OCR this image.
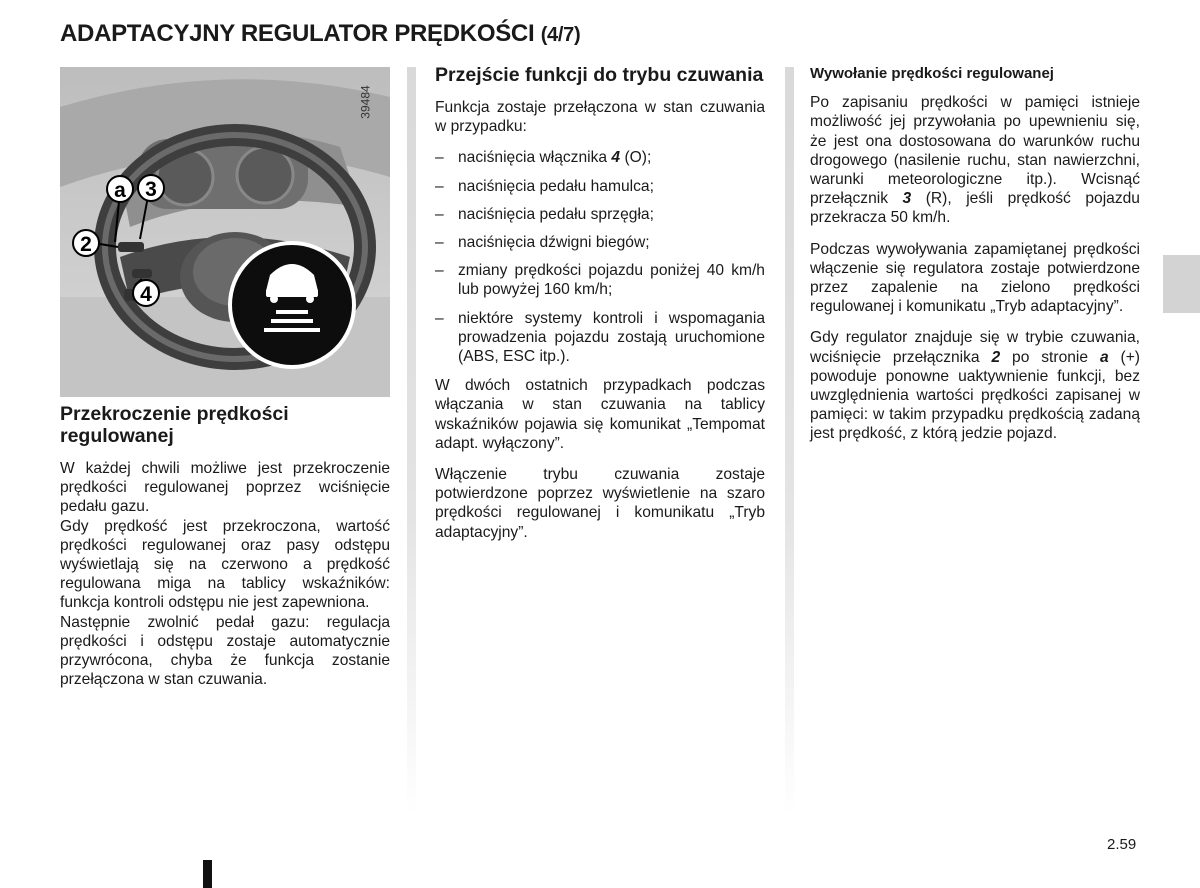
ADAPTACYJNY REGULATOR PRĘDKOŚCI (4/7)
a 3
2
4
39484
Przekroczenie prędkości regulowanej

W każdej chwili możliwe jest przekroczenie prędkości regulowanej poprzez wciśnięcie pedału gazu.

Gdy prędkość jest przekroczona, wartość prędkości regulowanej oraz pasy odstępu wyświetlają się na czerwono a prędkość regulowana miga na tablicy wskaźników: funkcja kontroli odstępu nie jest zapewniona.

Następnie zwolnić pedał gazu: regulacja prędkości i odstępu zostaje automatycznie przywrócona, chyba że funkcja zostanie przełączona w stan czuwania.

Przejście funkcji do trybu czuwania

Funkcja zostaje przełączona w stan czuwania w przypadku:

– naciśnięcia włącznika 4 (O);
– naciśnięcia pedału hamulca;
– naciśnięcia pedału sprzęgła;
– naciśnięcia dźwigni biegów;
– zmiany prędkości pojazdu poniżej 40 km/h lub powyżej 160 km/h;
– niektóre systemy kontroli i wspomagania prowadzenia pojazdu zostają uruchomione (ABS, ESC itp.).

W dwóch ostatnich przypadkach podczas włączania w stan czuwania na tablicy wskaźników pojawia się komunikat „Tempomat adapt. wyłączony”.

Włączenie trybu czuwania zostaje potwierdzone poprzez wyświetlenie na szaro prędkości regulowanej i komunikatu „Tryb adaptacyjny”.

Wywołanie prędkości regulowanej

Po zapisaniu prędkości w pamięci istnieje możliwość jej przywołania po upewnieniu się, że jest ona dostosowana do warunków ruchu drogowego (nasilenie ruchu, stan nawierzchni, warunki meteorologiczne itp.). Wcisnąć przełącznik 3 (R), jeśli prędkość pojazdu przekracza 50 km/h.

Podczas wywoływania zapamiętanej prędkości włączenie się regulatora zostaje potwierdzone przez zapalenie na zielono prędkości regulowanej i komunikatu „Tryb adaptacyjny”.

Gdy regulator znajduje się w trybie czuwania, wciśnięcie przełącznika 2 po stronie a (+) powoduje ponowne uaktywnienie funkcji, bez uwzględnienia wartości prędkości zapisanej w pamięci: w takim przypadku prędkością zadaną jest prędkość, z którą jedzie pojazd.

2.59
